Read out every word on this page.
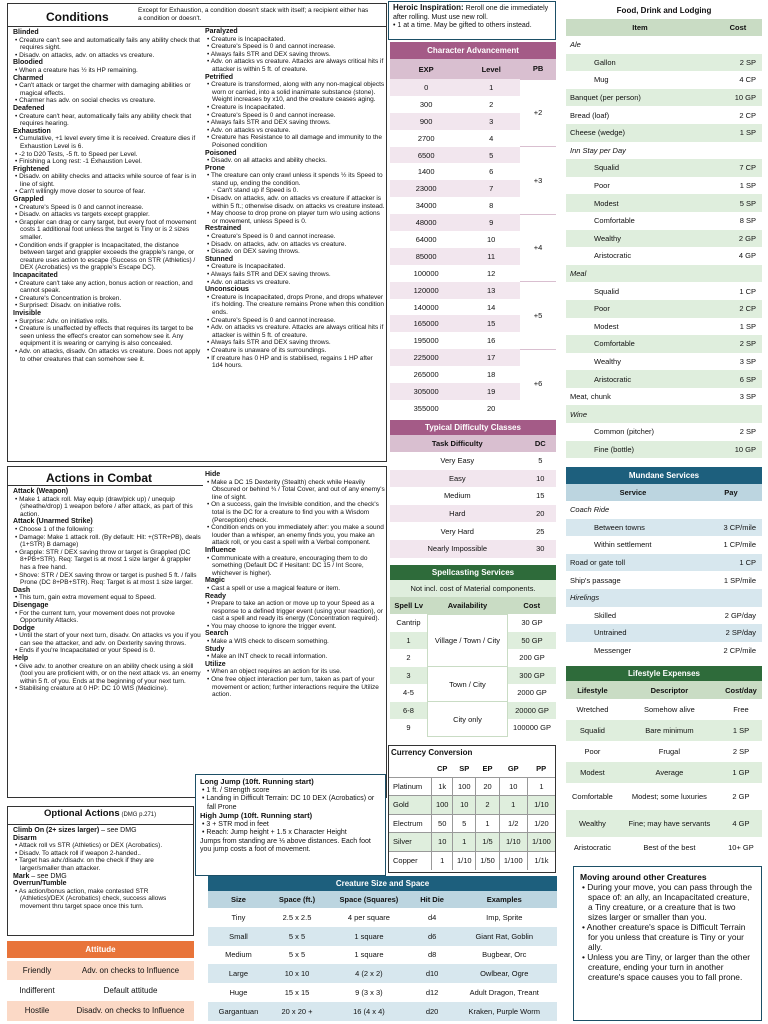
Conditions	Except for Exhaustion, a condition doesn't stack with itself; a recipient either has a condition or doesn't.
Blinded
• Creature can't see and automatically fails any ability check that requires sight.
• Disadv. on attacks, adv. on attacks vs creature.
Bloodied
• When a creature has ½ its HP remaining.
Charmed
• Can't attack or target the charmer with damaging abilities or magical effects.
• Charmer has adv. on social checks vs creature.
Deafened
• Creature can't hear, automatically fails any ability check that requires hearing.
Exhaustion
• Cumulative, +1 level every time it is received. Creature dies if Exhaustion Level is 6.
• -2 to D20 Tests, -5 ft. to Speed per Level.
• Finishing a Long rest: -1 Exhaustion Level.
Frightened
• Disadv. on ability checks and attacks while source of fear is in line of sight.
• Can't willingly move closer to source of fear.
Grappled
• Creature's Speed is 0 and cannot increase.
• Disadv. on attacks vs targets except grappler.
• Grappler can drag or carry target, but every foot of movement costs 1 additional foot unless the target is Tiny or is 2 sizes smaller.
• Condition ends if grappler is Incapacitated, the distance between target and grappler exceeds the grapple's range, or creature uses action to escape (Success on STR (Athletics) / DEX (Acrobatics) vs the grapple's Escape DC).
Incapacitated
• Creature can't take any action, bonus action or reaction, and cannot speak.
• Creature's Concentration is broken.
• Surprised: Disadv. on initiative rolls.
Invisible
• Surprise: Adv. on initiative rolls.
• Creature is unaffected by effects that requires its target to be seen unless the effect's creator can somehow see it. Any equipment it is wearing or carrying is also concealed.
• Adv. on attacks, disadv. On attacks vs creature. Does not apply to other creatures that can somehow see it.
Paralyzed
• Creature is Incapacitated.
• Creature's Speed is 0 and cannot increase.
• Always fails STR and DEX saving throws.
• Adv. on attacks vs creature. Attacks are always critical hits if attacker is within 5 ft. of creature.
Petrified
• Creature is transformed, along with any non-magical objects worn or carried, into a solid inanimate substance (stone). Weight increases by x10, and the creature ceases aging.
• Creature is Incapacitated.
• Creature's Speed is 0 and cannot increase.
• Always fails STR and DEX saving throws.
• Adv. on attacks vs creature.
• Creature has Resistance to all damage and immunity to the Poisoned condition
Poisoned
• Disadv. on all attacks and ability checks.
Prone
• The creature can only crawl unless it spends ½ its Speed to stand up, ending the condition.
◦ Can't stand up if Speed is 0.
• Disadv. on attacks, adv. on attacks vs creature if attacker is within 5 ft.; otherwise disadv. on attacks vs creature instead.
• May choose to drop prone on player turn w/o using actions or movement, unless Speed is 0.
Restrained
• Creature's Speed is 0 and cannot increase.
• Disadv. on attacks, adv. on attacks vs creature.
• Disadv. on DEX saving throws.
Stunned
• Creature is Incapacitated.
• Always fails STR and DEX saving throws.
• Adv. on attacks vs creature.
Unconscious
• Creature is Incapacitated, drops Prone, and drops whatever it's holding. The creature remains Prone when this condition ends.
• Creature's Speed is 0 and cannot increase.
• Adv. on attacks vs creature. Attacks are always critical hits if attacker is within 5 ft. of creature.
• Always fails STR and DEX saving throws.
• Creature is unaware of its surroundings.
• If creature has 0 HP and is stabilised, regains 1 HP after 1d4 hours.
Actions in Combat
Attack (Weapon)
• Make 1 attack roll. May equip (draw/pick up) / unequip (sheathe/drop) 1 weapon before / after attack, as part of this action.
Attack (Unarmed Strike)
• Choose 1 of the following:
• Damage: Make 1 attack roll. (By default: Hit: +(STR+PB), deals (1+STR) B damage)
• Grapple: STR / DEX saving throw or target is Grappled (DC 8+PB+STR). Req: Target is at most 1 size larger & grappler has a free hand.
• Shove: STR / DEX saving throw or target is pushed 5 ft. / falls Prone (DC 8+PB+STR). Req: Target is at most 1 size larger.
Dash
• This turn, gain extra movement equal to Speed.
Disengage
• For the current turn, your movement does not provoke Opportunity Attacks.
Dodge
• Until the start of your next turn, disadv. On attacks vs you if you can see the attacker, and adv. on Dexterity saving throws.
• Ends if you're Incapacitated or your Speed is 0.
Help
• Give adv. to another creature on an ability check using a skill (tool you are proficient with, or on the next attack vs. an enemy within 5 ft. of you. Ends at the beginning of your next turn.
• Stabilising creature at 0 HP: DC 10 WIS (Medicine).
Hide
• Make a DC 15 Dexterity (Stealth) check while Heavily Obscured or behind ¾ / Total Cover, and out of any enemy's line of sight.
• On a success, gain the Invisible condition, and the check's total is the DC for a creature to find you with a Wisdom (Perception) check.
• Condition ends on you immediately after: you make a sound louder than a whisper, an enemy finds you, you make an attack roll, or you cast a spell with a Verbal component.
Influence
• Communicate with a creature, encouraging them to do something (Default DC if Hesitant: DC 15 / Int Score, whichever is higher).
Magic
• Cast a spell or use a magical feature or item.
Ready
• Prepare to take an action or move up to your Speed as a response to a defined trigger event (using your reaction), or cast a spell and ready its energy (Concentration required).
• You may choose to ignore the trigger event.
Search
• Make a WIS check to discern something.
Study
• Make an INT check to recall information.
Utilize
• When an object requires an action for its use.
• One free object interaction per turn, taken as part of your movement or action; further interactions require the Utilize action.
Long Jump (10ft. Running start)
• 1 ft. / Strength score
• Landing in Difficult Terrain: DC 10 DEX (Acrobatics) or fall Prone
High Jump (10ft. Running start)
• 3 + STR mod in feet
• Reach: Jump height + 1.5 x Character Height
Jumps from standing are ⅓ above distances. Each foot you jump costs a foot of movement.
Optional Actions (DMG p.271)
Climb On (2+ sizes larger) – see DMG
Disarm
• Attack roll vs STR (Athletics) or DEX (Acrobatics).
• Disadv. To attack roll if weapon 2-handed..
• Target has adv./disadv. on the check if they are larger/smaller than attacker.
Mark – see DMG
Overrun/Tumble
• As action/bonus action, make contested STR (Athletics)/DEX (Acrobatics) check, success allows movement thru target space once this turn.
Attitude
Friendly	Adv. on checks to Influence
Indifferent	Default attitude
Hostile	Disadv. on checks to Influence
Heroic Inspiration: Reroll one die immediately after rolling. Must use new roll.
• 1 at a time. May be gifted to others instead.
Character Advancement
EXP	Level	PB
0	1	+2
300	2	
900	3	
2700	4	
6500	5	+3
1400	6	
23000	7	
34000	8	
48000	9	+4
64000	10	
85000	11	
100000	12	
120000	13	+5
140000	14	
165000	15	
195000	16	
225000	17	+6
265000	18	
305000	19	
355000	20	
Typical Difficulty Classes
Task Difficulty	DC
Very Easy	5
Easy	10
Medium	15
Hard	20
Very Hard	25
Nearly Impossible	30
Spellcasting Services
Not incl. cost of Material components.
Spell Lv	Availability	Cost
Cantrip	Village / Town / City	30 GP
1		50 GP
2		200 GP
3	Town / City	300 GP
4-5		2000 GP
6-8	City only	20000 GP
9		100000 GP
Currency Conversion
	CP	SP	EP	GP	PP
Platinum	1k	100	20	10	1
Gold	100	10	2	1	1/10
Electrum	50	5	1	1/2	1/20
Silver	10	1	1/5	1/10	1/100
Copper	1	1/10	1/50	1/100	1/1k
Creature Size and Space
Size	Space (ft.)	Space (Squares)	Hit Die	Examples
Tiny	2.5 x 2.5	4 per square	d4	Imp, Sprite
Small	5 x 5	1 square	d6	Giant Rat, Goblin
Medium	5 x 5	1 square	d8	Bugbear, Orc
Large	10 x 10	4 (2 x 2)	d10	Owlbear, Ogre
Huge	15 x 15	9 (3 x 3)	d12	Adult Dragon, Treant
Gargantuan	20 x 20 +	16 (4 x 4)	d20	Kraken, Purple Worm
Food, Drink and Lodging
Item	Cost
Ale	
Gallon	2 SP
Mug	4 CP
Banquet (per person)	10 GP
Bread (loaf)	2 CP
Cheese (wedge)	1 SP
Inn Stay per Day	
Squalid	7 CP
Poor	1 SP
Modest	5 SP
Comfortable	8 SP
Wealthy	2 GP
Aristocratic	4 GP
Meal	
Squalid	1 CP
Poor	2 CP
Modest	1 SP
Comfortable	2 SP
Wealthy	3 SP
Aristocratic	6 SP
Meat, chunk	3 SP
Wine	
Common (pitcher)	2 SP
Fine (bottle)	10 GP
Mundane Services
Service	Pay
Coach Ride	
Between towns	3 CP/mile
Within settlement	1 CP/mile
Road or gate toll	1 CP
Ship's passage	1 SP/mile
Hirelings	
Skilled	2 GP/day
Untrained	2 SP/day
Messenger	2 CP/mile
Lifestyle Expenses
Lifestyle	Descriptor	Cost/day
Wretched	Somehow alive	Free
Squalid	Bare minimum	1 SP
Poor	Frugal	2 SP
Modest	Average	1 GP
Comfortable	Modest; some luxuries	2 GP
Wealthy	Fine; may have servants	4 GP
Aristocratic	Best of the best	10+ GP
Moving around other Creatures
• During your move, you can pass through the space of: an ally, an Incapacitated creature, a Tiny creature, or a creature that is two sizes larger or smaller than you.
• Another creature's space is Difficult Terrain for you unless that creature is Tiny or your ally.
• Unless you are Tiny, or larger than the other creature, ending your turn in another creature's space causes you to fall prone.
